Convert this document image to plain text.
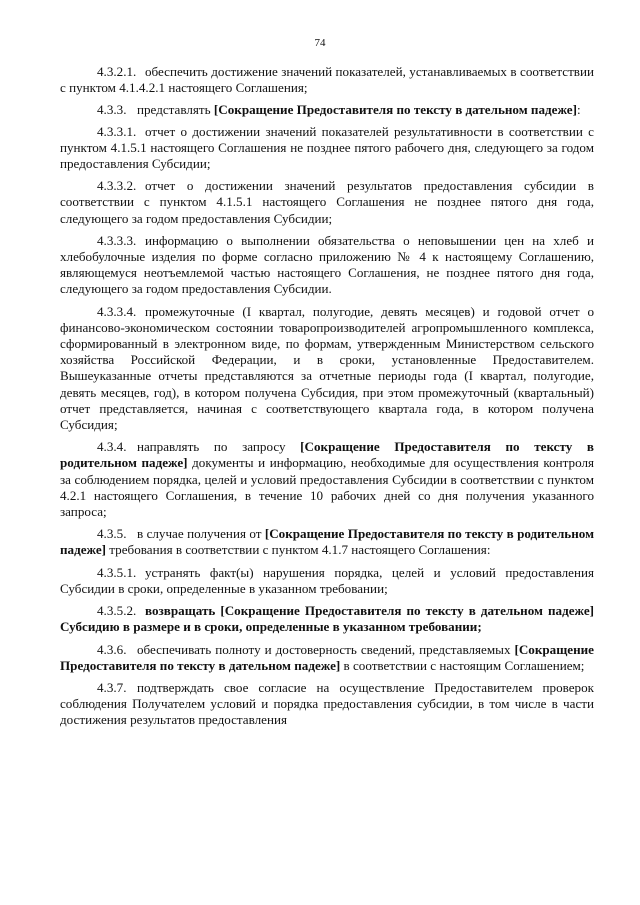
74

4.3.2.1. обеспечить достижение значений показателей, устанавливаемых в соответствии с пунктом 4.1.4.2.1 настоящего Соглашения;

4.3.3. представлять [Сокращение Предоставителя по тексту в дательном падеже]:

4.3.3.1. отчет о достижении значений показателей результативности в соответствии с пунктом 4.1.5.1 настоящего Соглашения не позднее пятого рабочего дня, следующего за годом предоставления Субсидии;

4.3.3.2. отчет о достижении значений результатов предоставления субсидии в соответствии с пунктом 4.1.5.1 настоящего Соглашения не позднее пятого дня года, следующего за годом предоставления Субсидии;

4.3.3.3. информацию о выполнении обязательства о неповышении цен на хлеб и хлебобулочные изделия по форме согласно приложению № 4 к настоящему Соглашению, являющемуся неотъемлемой частью настоящего Соглашения, не позднее пятого дня года, следующего за годом предоставления Субсидии.

4.3.3.4. промежуточные (I квартал, полугодие, девять месяцев) и годовой отчет о финансово-экономическом состоянии товаропроизводителей агропромышленного комплекса, сформированный в электронном виде, по формам, утвержденным Министерством сельского хозяйства Российской Федерации, и в сроки, установленные Предоставителем. Вышеуказанные отчеты представляются за отчетные периоды года (I квартал, полугодие, девять месяцев, год), в котором получена Субсидия, при этом промежуточный (квартальный) отчет представляется, начиная с соответствующего квартала года, в котором получена Субсидия;

4.3.4. направлять по запросу [Сокращение Предоставителя по тексту в родительном падеже] документы и информацию, необходимые для осуществления контроля за соблюдением порядка, целей и условий предоставления Субсидии в соответствии с пунктом 4.2.1 настоящего Соглашения, в течение 10 рабочих дней со дня получения указанного запроса;

4.3.5. в случае получения от [Сокращение Предоставителя по тексту в родительном падеже] требования в соответствии с пунктом 4.1.7 настоящего Соглашения:

4.3.5.1. устранять факт(ы) нарушения порядка, целей и условий предоставления Субсидии в сроки, определенные в указанном требовании;

4.3.5.2. возвращать [Сокращение Предоставителя по тексту в дательном падеже] Субсидию в размере и в сроки, определенные в указанном требовании;

4.3.6. обеспечивать полноту и достоверность сведений, представляемых [Сокращение Предоставителя по тексту в дательном падеже] в соответствии с настоящим Соглашением;

4.3.7. подтверждать свое согласие на осуществление Предоставителем проверок соблюдения Получателем условий и порядка предоставления субсидии, в том числе в части достижения результатов предоставления
